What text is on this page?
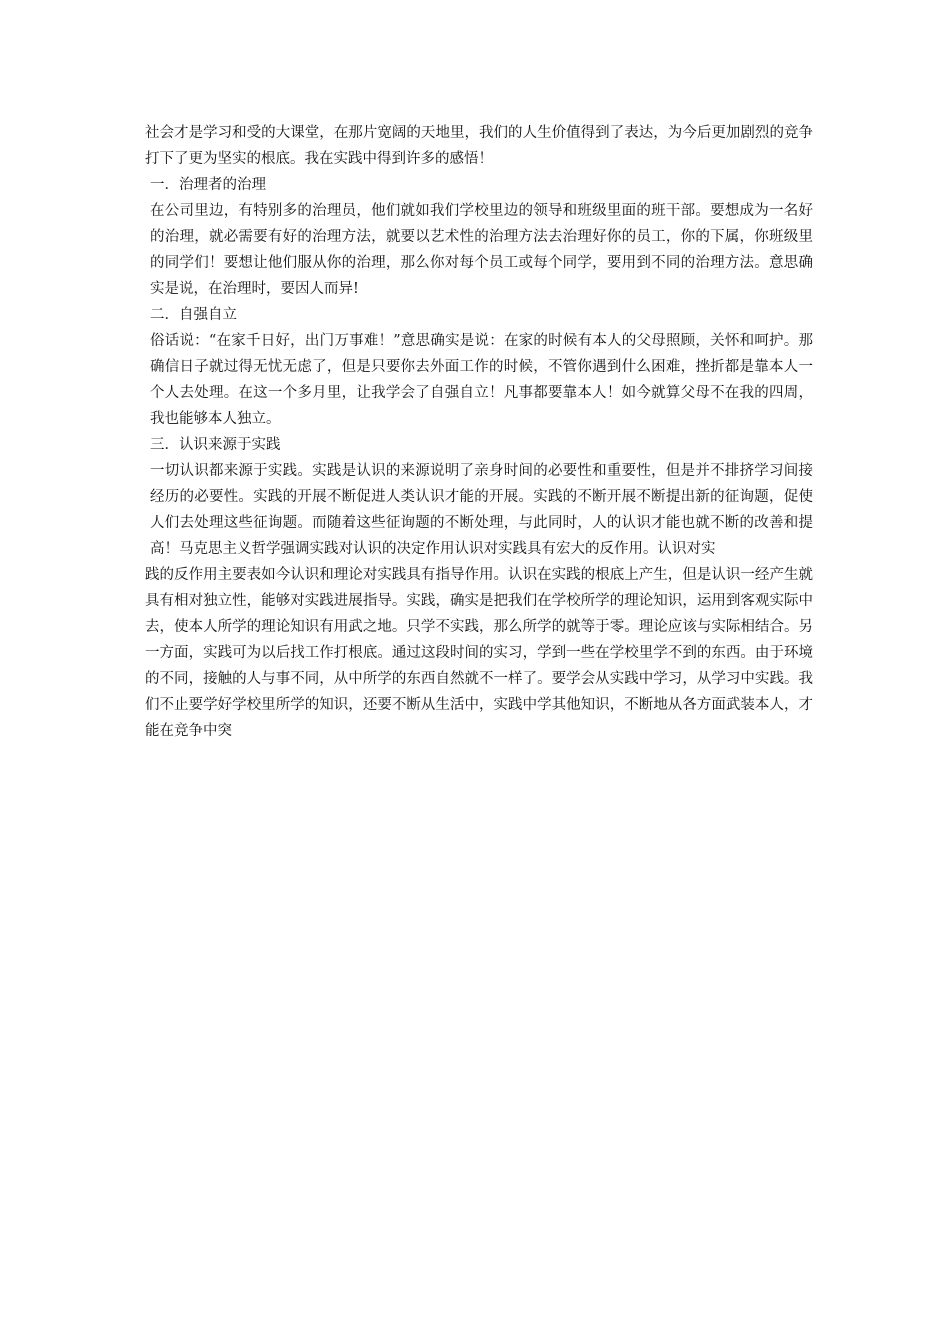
社会才是学习和受的大课堂，在那片宽阔的天地里，我们的人生价值得到了表达，为今后更加剧烈的竞争打下了更为坚实的根底。我在实践中得到许多的感悟！

一．治理者的治理

在公司里边，有特别多的治理员，他们就如我们学校里边的领导和班级里面的班干部。要想成为一名好的治理，就必需要有好的治理方法，就要以艺术性的治理方法去治理好你的员工，你的下属，你班级里的同学们！要想让他们服从你的治理，那么你对每个员工或每个同学，要用到不同的治理方法。意思确实是说，在治理时，要因人而异!

二．自强自立

俗话说：“在家千日好，出门万事难！”意思确实是说：在家的时候有本人的父母照顾，关怀和呵护。那确信日子就过得无忧无虑了，但是只要你去外面工作的时候，不管你遇到什么困难，挫折都是靠本人一个人去处理。在这一个多月里，让我学会了自强自立！凡事都要靠本人！如今就算父母不在我的四周，我也能够本人独立。

三．认识来源于实践

一切认识都来源于实践。实践是认识的来源说明了亲身时间的必要性和重要性，但是并不排挤学习间接经历的必要性。实践的开展不断促进人类认识才能的开展。实践的不断开展不断提出新的征询题，促使人们去处理这些征询题。而随着这些征询题的不断处理，与此同时，人的认识才能也就不断的改善和提高！马克思主义哲学强调实践对认识的决定作用认识对实践具有宏大的反作用。认识对实

践的反作用主要表如今认识和理论对实践具有指导作用。认识在实践的根底上产生，但是认识一经产生就具有相对独立性，能够对实践进展指导。实践，确实是把我们在学校所学的理论知识，运用到客观实际中去，使本人所学的理论知识有用武之地。只学不实践，那么所学的就等于零。理论应该与实际相结合。另一方面，实践可为以后找工作打根底。通过这段时间的实习，学到一些在学校里学不到的东西。由于环境的不同，接触的人与事不同，从中所学的东西自然就不一样了。要学会从实践中学习，从学习中实践。我们不止要学好学校里所学的知识，还要不断从生活中，实践中学其他知识，不断地从各方面武装本人，才能在竞争中突
